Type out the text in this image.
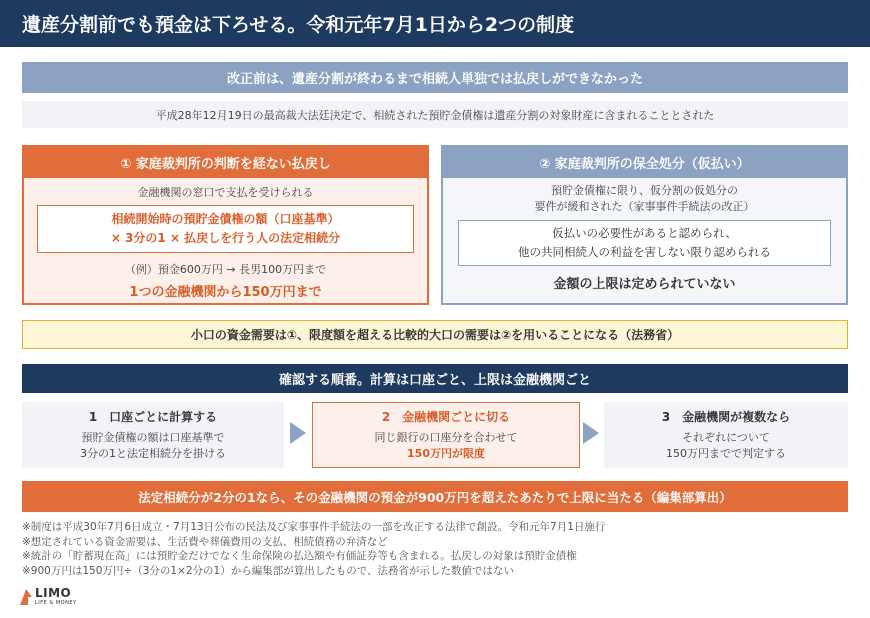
遺産分割前でも預金は下ろせる。令和元年7月1日から2つの制度
改正前は、遺産分割が終わるまで相続人単独では払戻しができなかった
平成28年12月19日の最高裁大法廷決定で、相続された預貯金債権は遺産分割の対象財産に含まれることとされた
① 家庭裁判所の判断を経ない払戻し
金融機関の窓口で支払を受けられる
相続開始時の預貯金債権の額（口座基準）
× 3分の1 × 払戻しを行う人の法定相続分
（例）預金600万円 → 長男100万円まで
1つの金融機関から150万円まで
② 家庭裁判所の保全処分（仮払い）
預貯金債権に限り、仮分割の仮処分の
要件が緩和された（家事事件手続法の改正）
仮払いの必要性があると認められ、
他の共同相続人の利益を害しない限り認められる
金額の上限は定められていない
小口の資金需要は①、限度額を超える比較的大口の需要は②を用いることになる（法務省）
確認する順番。計算は口座ごと、上限は金融機関ごと
1　口座ごとに計算する
預貯金債権の額は口座基準で
3分の1と法定相続分を掛ける
2　金融機関ごとに切る
同じ銀行の口座分を合わせて
150万円が限度
3　金融機関が複数なら
それぞれについて
150万円までで判定する
法定相続分が2分の1なら、その金融機関の預金が900万円を超えたあたりで上限に当たる（編集部算出）
※制度は平成30年7月6日成立・7月13日公布の民法及び家事事件手続法の一部を改正する法律で創設。令和元年7月1日施行
※想定されている資金需要は、生活費や葬儀費用の支払、相続債務の弁済など
※統計の「貯蓄現在高」には預貯金だけでなく生命保険の払込額や有価証券等も含まれる。払戻しの対象は預貯金債権
※900万円は150万円÷（3分の1×2分の1）から編集部が算出したもので、法務省が示した数値ではない
LIMO
LIFE & MONEY
